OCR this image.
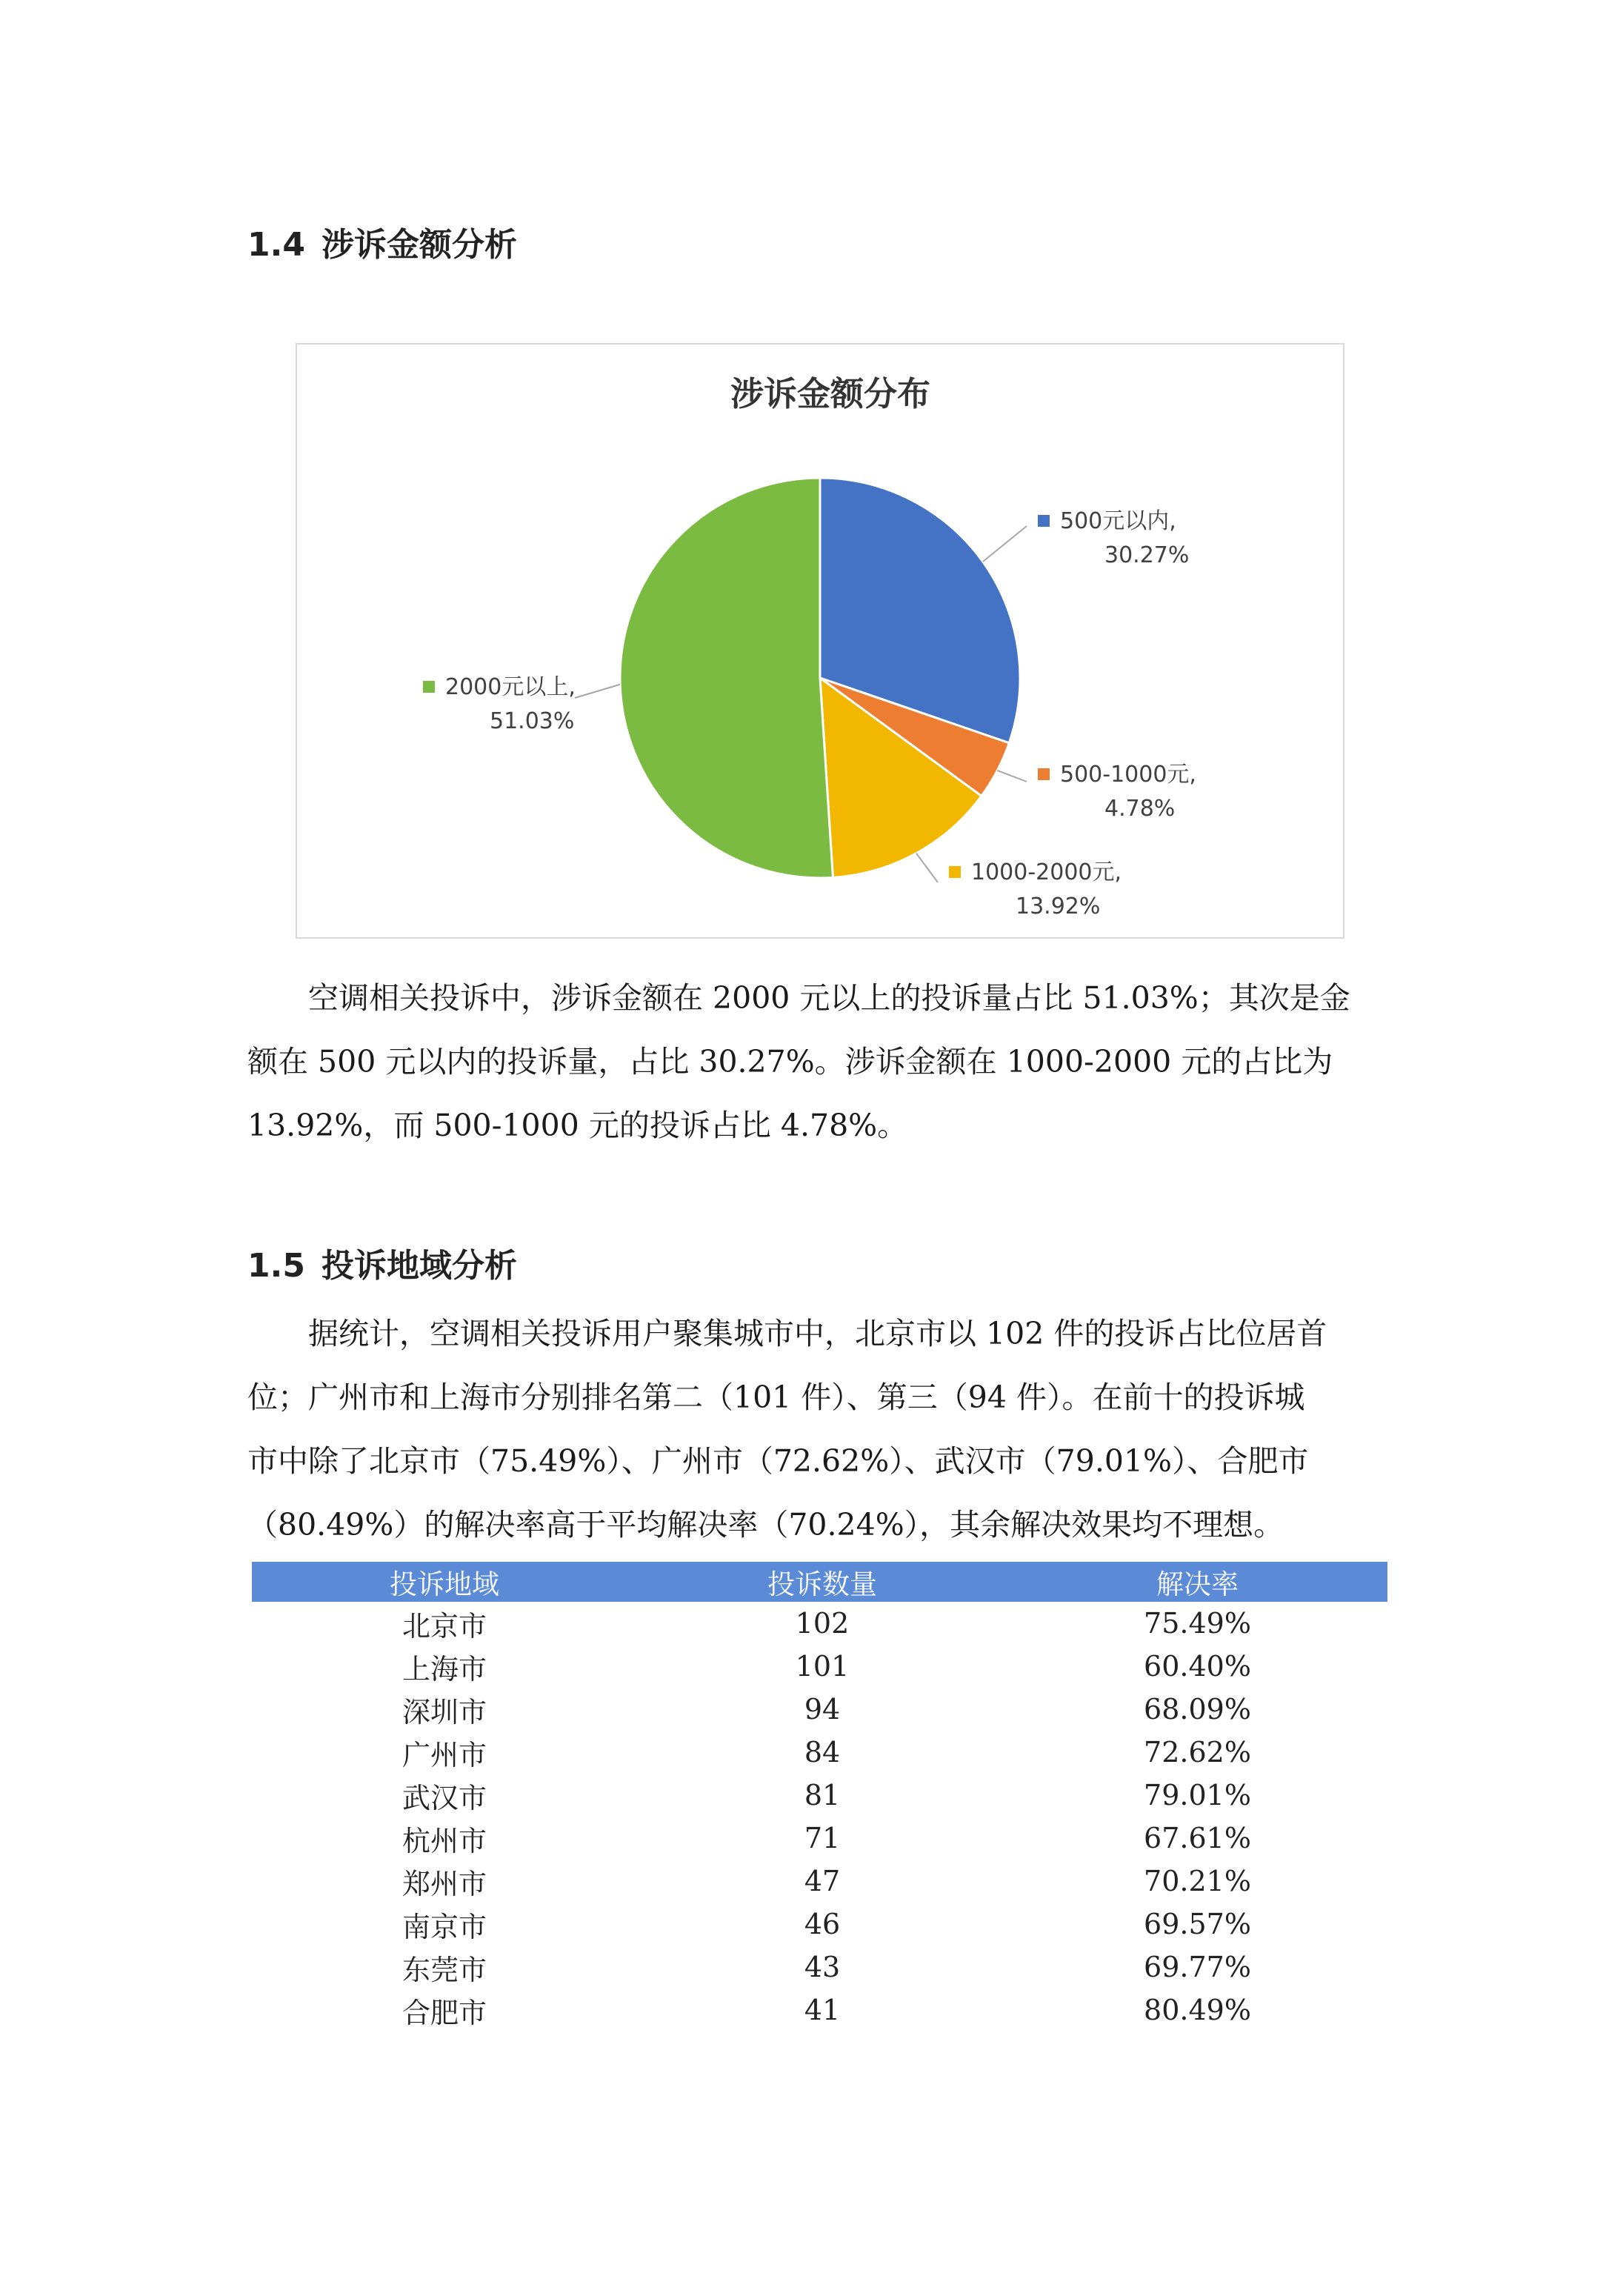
1.4 涉诉金额分析
涉诉金额分布
500元以内,
30.27%
500-1000元,
4.78%
1000-2000元,
13.92%
2000元以上,
51.03%
空调相关投诉中，涉诉金额在 2000 元以上的投诉量占比 51.03%；其次是金
额在 500 元以内的投诉量，占比 30.27%。涉诉金额在 1000-2000 元的占比为
13.92%，而 500-1000 元的投诉占比 4.78%。
1.5 投诉地域分析
据统计，空调相关投诉用户聚集城市中，北京市以 102 件的投诉占比位居首
位；广州市和上海市分别排名第二（101 件）、第三（94 件）。在前十的投诉城
市中除了北京市（75.49%）、广州市（72.62%）、武汉市（79.01%）、合肥市
（80.49%）的解决率高于平均解决率（70.24%），其余解决效果均不理想。
投诉地域	投诉数量	解决率
北京市	102	75.49%
上海市	101	60.40%
深圳市	94	68.09%
广州市	84	72.62%
武汉市	81	79.01%
杭州市	71	67.61%
郑州市	47	70.21%
南京市	46	69.57%
东莞市	43	69.77%
合肥市	41	80.49%
